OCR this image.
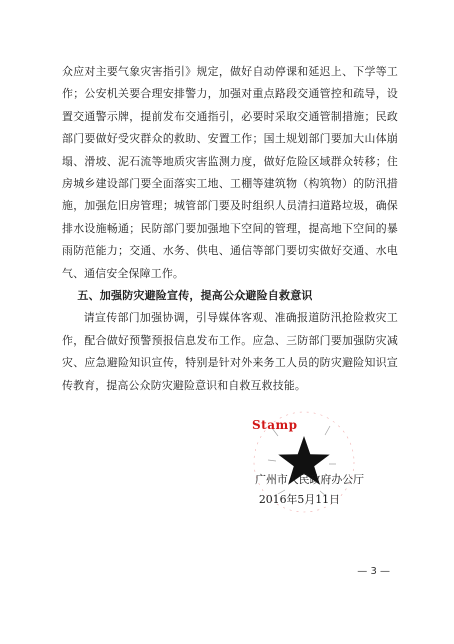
众应对主要气象灾害指引》规定，做好自动停课和延迟上、下学等工作；公安机关要合理安排警力，加强对重点路段交通管控和疏导，设置交通警示牌，提前发布交通指引，必要时采取交通管制措施；民政部门要做好受灾群众的救助、安置工作；国土规划部门要加大山体崩塌、滑坡、泥石流等地质灾害监测力度，做好危险区域群众转移；住房城乡建设部门要全面落实工地、工棚等建筑物（构筑物）的防汛措施，加强危旧房管理；城管部门要及时组织人员清扫道路垃圾，确保排水设施畅通；民防部门要加强地下空间的管理，提高地下空间的暴雨防范能力；交通、水务、供电、通信等部门要切实做好交通、水电气、通信安全保障工作。

五、加强防灾避险宣传，提高公众避险自救意识

请宣传部门加强协调，引导媒体客观、准确报道防汛抢险救灾工作，配合做好预警预报信息发布工作。应急、三防部门要加强防灾减灾、应急避险知识宣传，特别是针对外来务工人员的防灾避险知识宣传教育，提高公众防灾避险意识和自救互救技能。

Stamp
广州市人民政府办公厅
2016年5月11日
— 3 —
